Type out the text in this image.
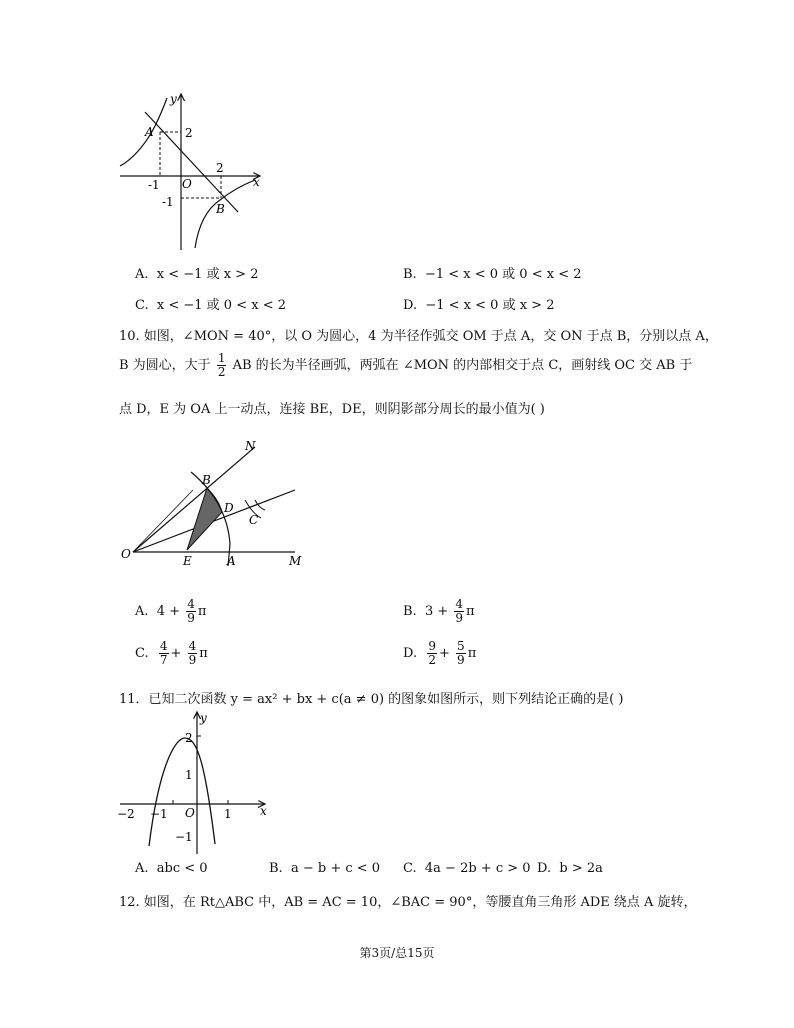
y
x
A
B
O
2
-1
2
-1
A. x < −1 或 x > 2	B. −1 < x < 0 或 0 < x < 2
C. x < −1 或 0 < x < 2	D. −1 < x < 0 或 x > 2
10. 如图，∠MON = 40°，以 O 为圆心，4 为半径作弧交 OM 于点 A，交 ON 于点 B，分别以点 A，
B 为圆心，大于 $\frac{1}{2}$ AB 的长为半径画弧，两弧在 ∠MON 的内部相交于点 C，画射线 OC 交 AB 于
点 D，E 为 OA 上一动点，连接 BE，DE，则阴影部分周长的最小值为( )
N
B
D
C
O	E	A	M
A. $4 + \frac{4}{9}$ π	B. $3 + \frac{4}{9}$ π
C. $\frac{4}{7} + \frac{4}{9}$ π	D. $\frac{9}{2} + \frac{5}{9}$ π
11．已知二次函数 y = ax² + bx + c(a ≠ 0) 的图象如图所示，则下列结论正确的是( )
y
x
2
1
O
−2 −1	1
−1
A. abc < 0	B. a − b + c < 0 C. 4a − 2b + c > 0 D. b > 2a
12. 如图，在 Rt△ABC 中，AB = AC = 10，∠BAC = 90°，等腰直角三角形 ADE 绕点 A 旋转，
第3页/总15页
